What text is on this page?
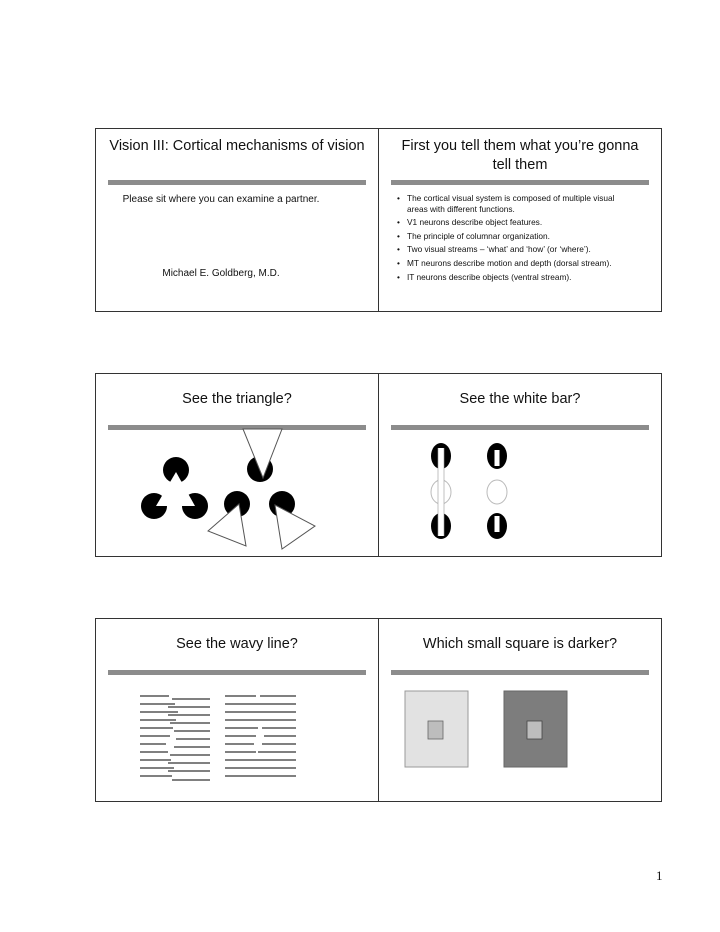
Vision III: Cortical mechanisms of vision
Please sit where you can examine a partner.
Michael E. Goldberg, M.D.
First you tell them what you’re gonna tell them
• The cortical visual system is composed of multiple visual areas with different functions.
• V1 neurons describe object features.
• The principle of columnar organization.
• Two visual streams – ‘what’ and ‘how’ (or ‘where’).
• MT neurons describe motion and depth (dorsal stream).
• IT neurons describe objects (ventral stream).
See the triangle?	See the white bar?
See the wavy line?	Which small square is darker?
1
